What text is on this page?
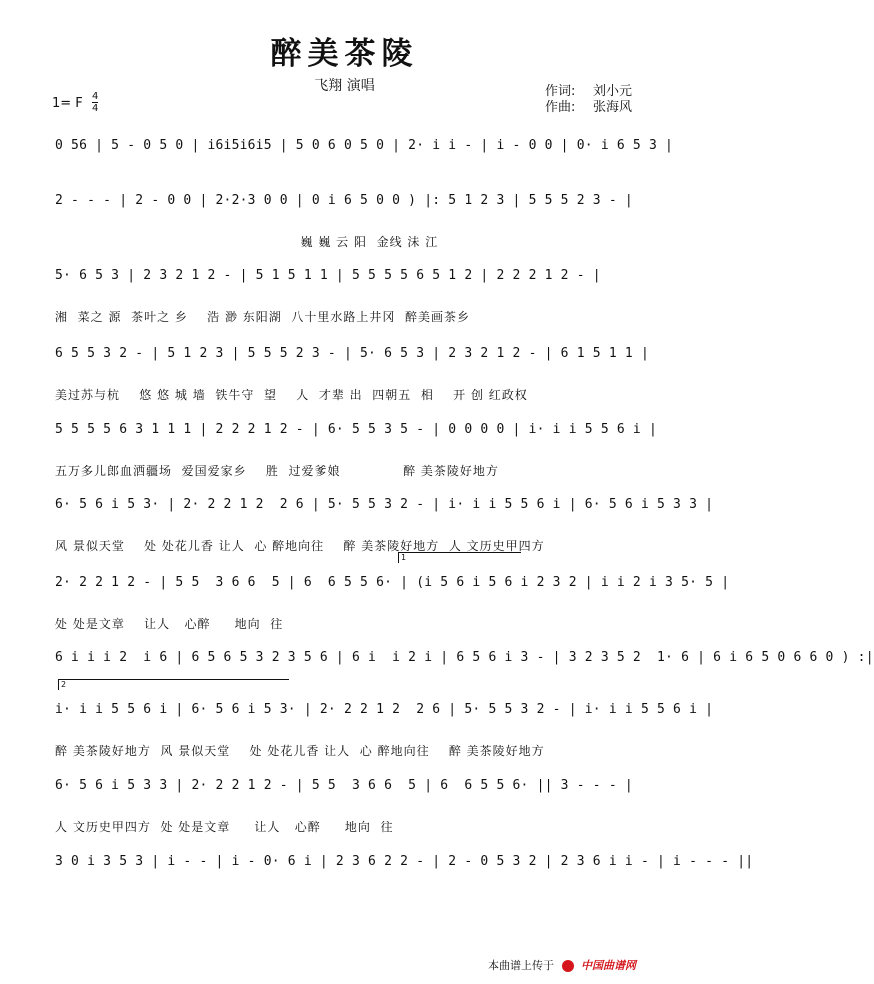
醉美茶陵
飞翔 演唱	作词: 刘小元
作曲: 张海风
1= F 4
4
0 56 | 5 - 0 5 0 | i6i5i6i5 | 5 0 6 0 5 0 | 2· i i - | i - 0 0 | 0· i 6 5 3 |
2 - - - | 2 - 0 0 | 2·2·3 0 0 | 0 i 6 5 0 0 ) |: 5 1 2 3 | 5 5 5 2 3 - |
巍 巍 云 阳  金线 沬 江
5· 6 5 3 | 2 3 2 1 2 - | 5 1 5 1 1 | 5 5 5 5 6 5 1 2 | 2 2 2 1 2 - |
湘  菜之 源  茶叶之 乡    浩 渺 东阳湖  八十里水路上井冈  醉美画茶乡
6 5 5 3 2 - | 5 1 2 3 | 5 5 5 2 3 - | 5· 6 5 3 | 2 3 2 1 2 - | 6 1 5 1 1 |
美过苏与杭    悠 悠 城 墙  铁牛守  望    人  才辈 出  四朝五  相    开 创 红政权
5 5 5 5 6 3 1 1 1 | 2 2 2 1 2 - | 6· 5 5 3 5 - | 0 0 0 0 | i· i i 5 5 6 i |
五万多儿郎血洒疆场  爱国爱家乡    胜  过爱爹娘             醉 美茶陵好地方
6· 5 6 i 5 3· | 2· 2 2 1 2  2 6 | 5· 5 5 3 2 - | i· i i 5 5 6 i | 6· 5 6 i 5 3 3 |
风 景似天堂    处 处花儿香 让人  心 醉地向往    醉 美茶陵好地方  人 文历史甲四方
1
2· 2 2 1 2 - | 5 5  3 6 6  5 | 6  6 5 5 6· | (i 5 6 i 5 6 i 2 3 2 | i i 2 i 3 5· 5 |
处 处是文章    让人   心醉     地向  往
6 i i i 2  i 6 | 6 5 6 5 3 2 3 5 6 | 6 i  i 2 i | 6 5 6 i 3 - | 3 2 3 5 2  1· 6 | 6 i 6 5 0 6 6 0 ) :|
2
i· i i 5 5 6 i | 6· 5 6 i 5 3· | 2· 2 2 1 2  2 6 | 5· 5 5 3 2 - | i· i i 5 5 6 i |
醉 美茶陵好地方  风 景似天堂    处 处花儿香 让人  心 醉地向往    醉 美茶陵好地方
6· 5 6 i 5 3 3 | 2· 2 2 1 2 - | 5 5  3 6 6  5 | 6  6 5 5 6· || 3 - - - |
人 文历史甲四方  处 处是文章     让人   心醉     地向  往
3 0 i 3 5 3 | i - - | i - 0· 6 i | 2 3 6 2 2 - | 2 - 0 5 3 2 | 2 3 6 i i - | i - - - ||
本曲谱上传于 中国曲谱网
